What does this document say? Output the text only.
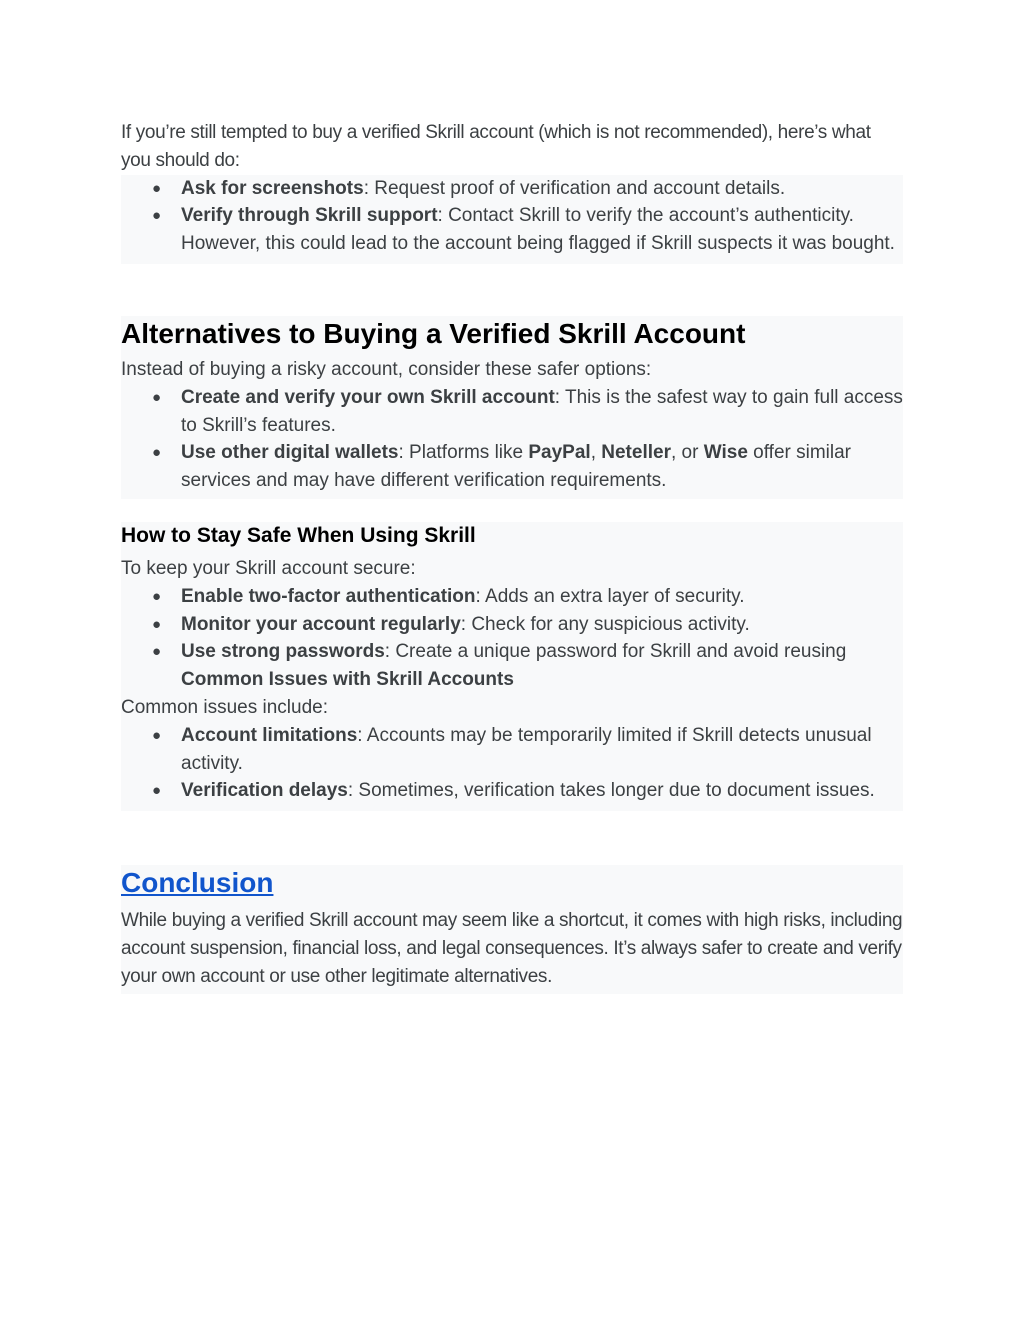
If you’re still tempted to buy a verified Skrill account (which is not recommended), here’s what you should do:

● Ask for screenshots: Request proof of verification and account details.
● Verify through Skrill support: Contact Skrill to verify the account’s authenticity. However, this could lead to the account being flagged if Skrill suspects it was bought.
Alternatives to Buying a Verified Skrill Account

Instead of buying a risky account, consider these safer options:

● Create and verify your own Skrill account: This is the safest way to gain full access to Skrill’s features.
● Use other digital wallets: Platforms like PayPal, Neteller, or Wise offer similar services and may have different verification requirements.
How to Stay Safe When Using Skrill

To keep your Skrill account secure:

● Enable two-factor authentication: Adds an extra layer of security.
● Monitor your account regularly: Check for any suspicious activity.
● Use strong passwords: Create a unique password for Skrill and avoid reusing

Common Issues with Skrill Accounts

Common issues include:

● Account limitations: Accounts may be temporarily limited if Skrill detects unusual activity.
● Verification delays: Sometimes, verification takes longer due to document issues.
Conclusion

While buying a verified Skrill account may seem like a shortcut, it comes with high risks, including account suspension, financial loss, and legal consequences. It’s always safer to create and verify your own account or use other legitimate alternatives.
